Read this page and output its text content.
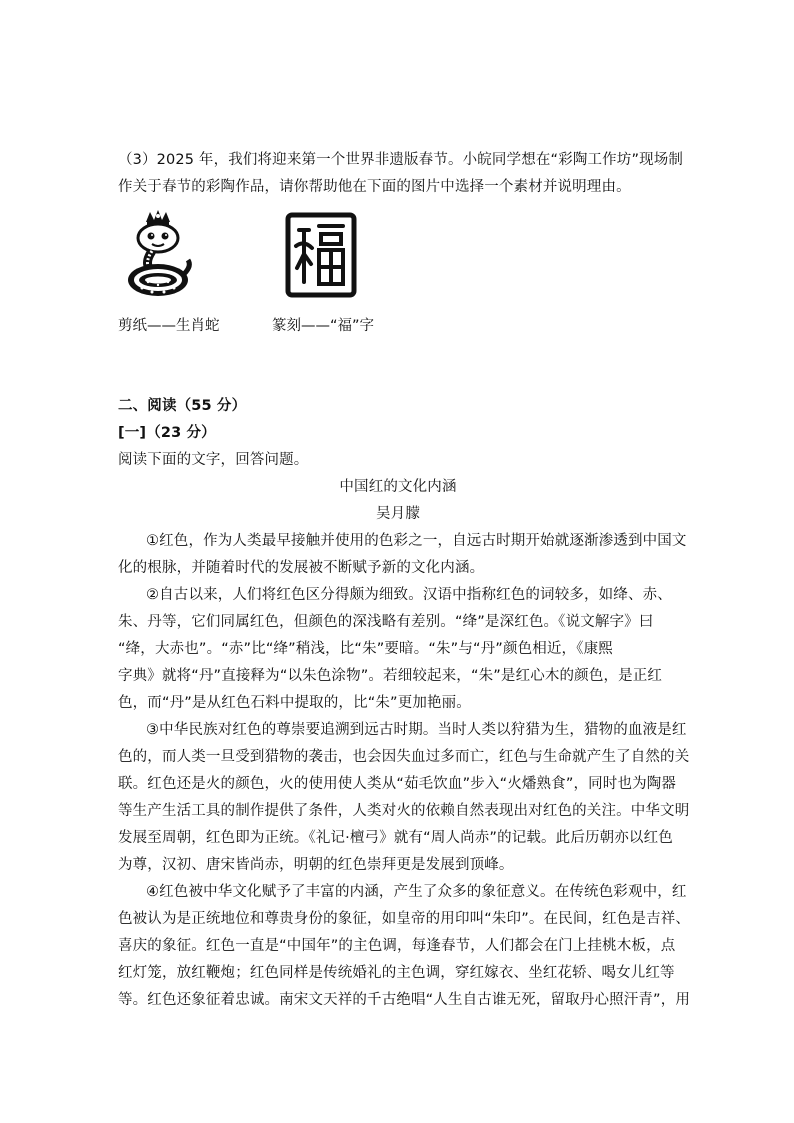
（3）2025 年，我们将迎来第一个世界非遗版春节。小皖同学想在“彩陶工作坊”现场制
作关于春节的彩陶作品，请你帮助他在下面的图片中选择一个素材并说明理由。
剪纸——生肖蛇	篆刻——“福”字
二、阅读（55 分）
[一]（23 分）
阅读下面的文字，回答问题。
中国红的文化内涵
吴月朦
①红色，作为人类最早接触并使用的色彩之一，自远古时期开始就逐渐渗透到中国文
化的根脉，并随着时代的发展被不断赋予新的文化内涵。
②自古以来，人们将红色区分得颇为细致。汉语中指称红色的词较多，如绛、赤、
朱、丹等，它们同属红色，但颜色的深浅略有差别。“绛”是深红色。《说文解字》曰
“绛，大赤也”。“赤”比“绛”稍浅，比“朱”要暗。“朱”与“丹”颜色相近，《康熙
字典》就将“丹”直接释为“以朱色涂物”。若细较起来，“朱”是红心木的颜色，是正红
色，而“丹”是从红色石料中提取的，比“朱”更加艳丽。
③中华民族对红色的尊崇要追溯到远古时期。当时人类以狩猎为生，猎物的血液是红
色的，而人类一旦受到猎物的袭击，也会因失血过多而亡，红色与生命就产生了自然的关
联。红色还是火的颜色，火的使用使人类从“茹毛饮血”步入“火燔熟食”，同时也为陶器
等生产生活工具的制作提供了条件，人类对火的依赖自然表现出对红色的关注。中华文明
发展至周朝，红色即为正统。《礼记·檀弓》就有“周人尚赤”的记载。此后历朝亦以红色
为尊，汉初、唐宋皆尚赤，明朝的红色崇拜更是发展到顶峰。
④红色被中华文化赋予了丰富的内涵，产生了众多的象征意义。在传统色彩观中，红
色被认为是正统地位和尊贵身份的象征，如皇帝的用印叫“朱印”。在民间，红色是吉祥、
喜庆的象征。红色一直是“中国年”的主色调，每逢春节，人们都会在门上挂桃木板，点
红灯笼，放红鞭炮；红色同样是传统婚礼的主色调，穿红嫁衣、坐红花轿、喝女儿红等
等。红色还象征着忠诚。南宋文天祥的千古绝唱“人生自古谁无死，留取丹心照汗青”，用
